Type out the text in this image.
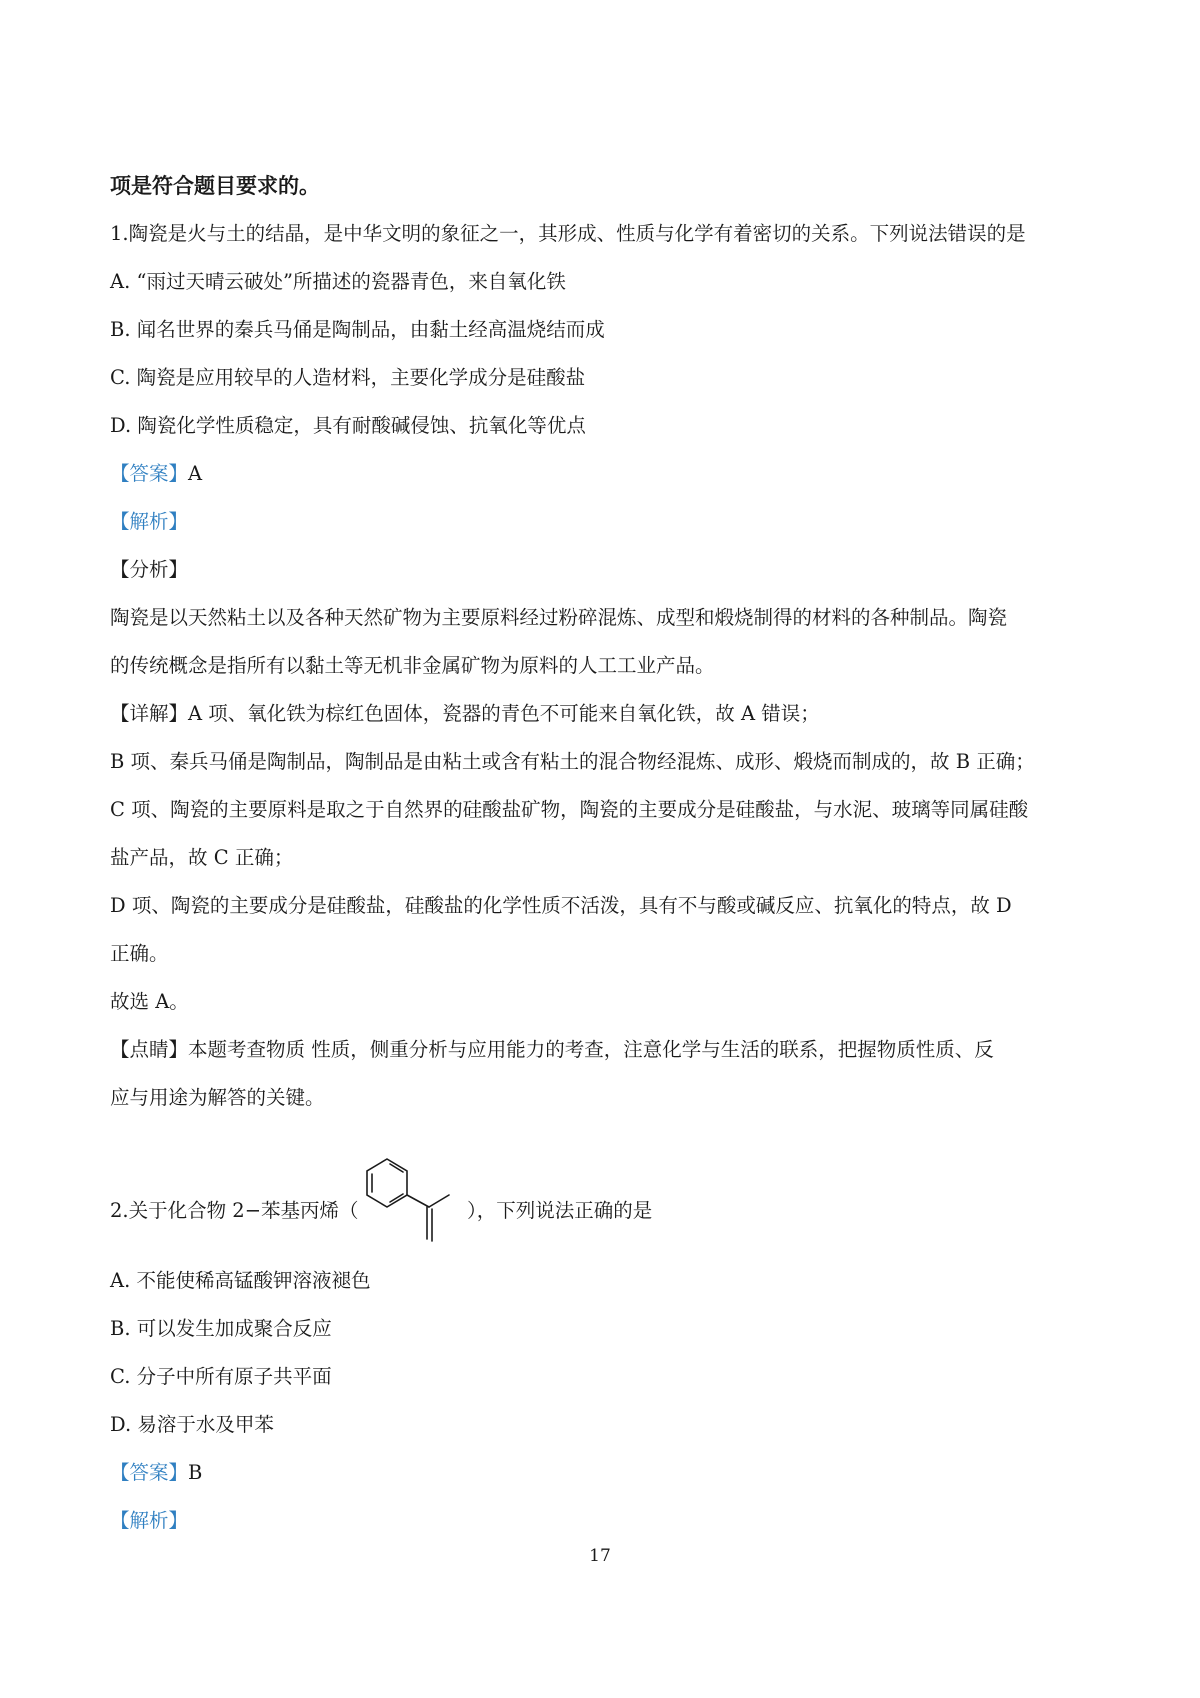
项是符合题目要求的。
1.陶瓷是火与土的结晶，是中华文明的象征之一，其形成、性质与化学有着密切的关系。下列说法错误的是
A. “雨过天晴云破处”所描述的瓷器青色，来自氧化铁
B. 闻名世界的秦兵马俑是陶制品，由黏土经高温烧结而成
C. 陶瓷是应用较早的人造材料，主要化学成分是硅酸盐
D. 陶瓷化学性质稳定，具有耐酸碱侵蚀、抗氧化等优点
【答案】A
【解析】
【分析】
陶瓷是以天然粘土以及各种天然矿物为主要原料经过粉碎混炼、成型和煅烧制得的材料的各种制品。陶瓷
的传统概念是指所有以黏土等无机非金属矿物为原料的人工工业产品。
【详解】A 项、氧化铁为棕红色固体，瓷器的青色不可能来自氧化铁，故 A 错误；
B 项、秦兵马俑是陶制品，陶制品是由粘土或含有粘土的混合物经混炼、成形、煅烧而制成的，故 B 正确；
C 项、陶瓷的主要原料是取之于自然界的硅酸盐矿物，陶瓷的主要成分是硅酸盐，与水泥、玻璃等同属硅酸
盐产品，故 C 正确；
D 项、陶瓷的主要成分是硅酸盐，硅酸盐的化学性质不活泼，具有不与酸或碱反应、抗氧化的特点，故 D
正确。
故选 A。
【点睛】本题考查物质 性质，侧重分析与应用能力的考查，注意化学与生活的联系，把握物质性质、反
应与用途为解答的关键。
2.关于化合物 2−苯基丙烯（	），下列说法正确的是
A. 不能使稀高锰酸钾溶液褪色
B. 可以发生加成聚合反应
C. 分子中所有原子共平面
D. 易溶于水及甲苯
【答案】B
【解析】
17
